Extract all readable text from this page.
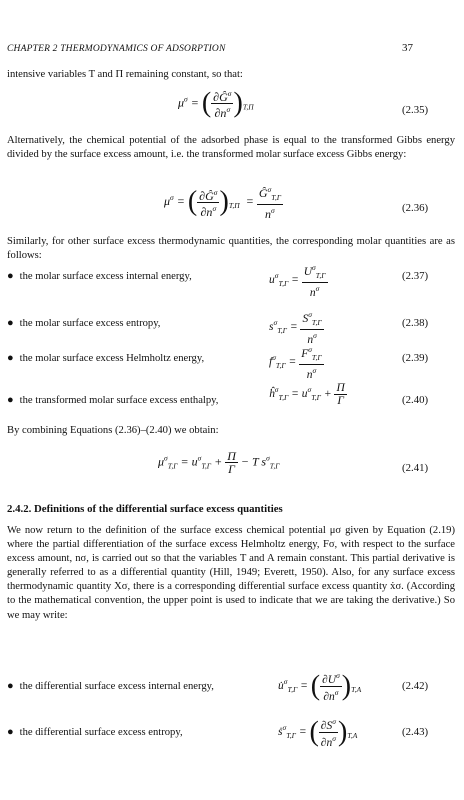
CHAPTER 2 THERMODYNAMICS OF ADSORPTION	37
intensive variables T and Π remaining constant, so that:
$\mu^\sigma$ = ( $\frac{\partial Ĝ^\sigma}{\partial n^\sigma} )_{T,\Pi}$	(2.35)
Alternatively, the chemical potential of the adsorbed phase is equal to the transformed Gibbs energy divided by the surface excess amount, i.e. the transformed molar surface excess Gibbs energy:
$\mu^\sigma$ = ( $\frac{\partial Ĝ^\sigma}{\partial n^\sigma} )_{T,\Pi} = \frac{Ĝ^\sigma_{T,\Gamma}}{n^\sigma}$	(2.36)
Similarly, for other surface excess thermodynamic quantities, the corresponding molar quantities are as follows:
● the molar surface excess internal energy,	$u^\sigma_{T,\Gamma} = \frac{U^\sigma_{T,\Gamma}}{n^\sigma}$	(2.37)
● the molar surface excess entropy,	$s^\sigma_{T,\Gamma} = \frac{S^\sigma_{T,\Gamma}}{n^\sigma}$	(2.38)
● the molar surface excess Helmholtz energy,	$f^\sigma_{T,\Gamma} = \frac{F^\sigma_{T,\Gamma}}{n^\sigma}$	(2.39)
● the transformed molar surface excess enthalpy,
$ĥ^\sigma_{T,\Gamma} = u^\sigma_{T,\Gamma} + \frac{\Pi}{\Gamma}$	(2.40)
By combining Equations (2.36)–(2.40) we obtain:
$\mu^\sigma_{T,\Gamma} = u^\sigma_{T,\Gamma} + \frac{\Pi}{\Gamma} - T$ $s^\sigma_{T,\Gamma}$	(2.41)
2.4.2. Definitions of the differential surface excess quantities
We now return to the definition of the surface excess chemical potential μσ given by Equation (2.19) where the partial differentiation of the surface excess Helmholtz energy, Fσ, with respect to the surface excess amount, nσ, is carried out so that the variables T and A remain constant. This partial derivative is generally referred to as a differential quantity (Hill, 1949; Everett, 1950). Also, for any surface excess thermodynamic quantity Xσ, there is a corresponding differential surface excess quantity ẋσ. (According to the mathematical convention, the upper point is used to indicate that we are taking the derivative.) So we may write:
● the differential surface excess internal energy,	u̇$^\sigma_{T,\Gamma}$ = ( $\frac{\partial U^\sigma}{\partial n^\sigma} )_{T,A}$	(2.42)
● the differential surface excess entropy,	ṡ$^\sigma_{T,\Gamma}$ = ( $\frac{\partial S^\sigma}{\partial n^\sigma} )_{T,A}$	(2.43)
